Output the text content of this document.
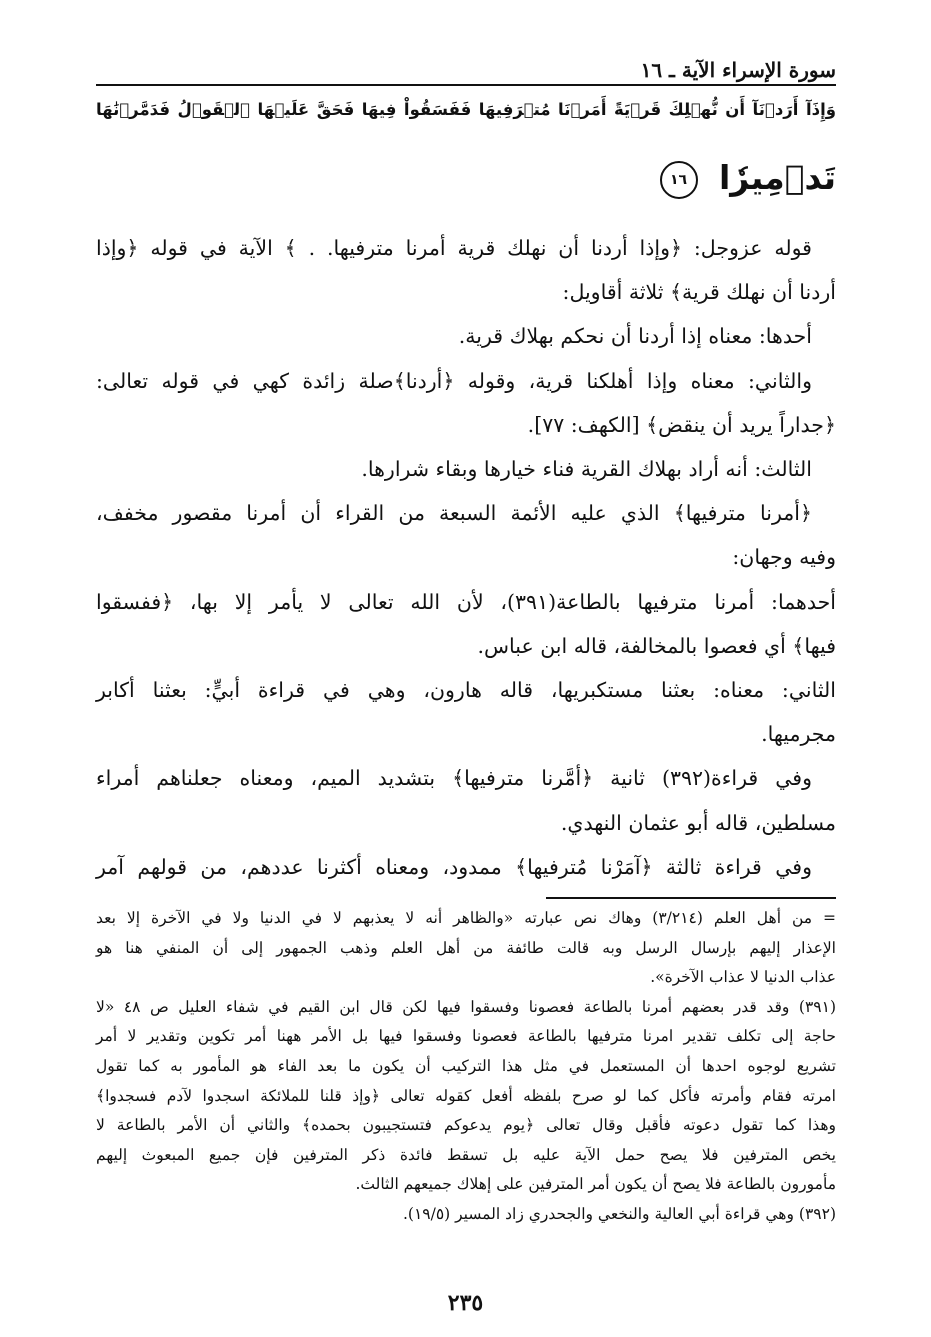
سورة الإسراء الآية ـ ١٦
وَإِذَآ أَرَدۡنَآ أَن نُّهۡلِكَ قَرۡيَةً أَمَرۡنَا مُتۡرَفِيهَا فَفَسَقُواْ فِيهَا فَحَقَّ عَلَيۡهَا ٱلۡقَوۡلُ فَدَمَّرۡنَٰهَا
تَدۡمِيرٗا ١٦
قوله عزوجل: ﴿وإذا أردنا أن نهلك قرية أمرنا مترفيها. . ﴾ الآية في قوله ﴿وإذا
أردنا أن نهلك قرية﴾ ثلاثة أقاويل:
أحدها: معناه إذا أردنا أن نحكم بهلاك قرية.
والثاني: معناه وإذا أهلكنا قرية، وقوله ﴿أردنا﴾صلة زائدة كهي في قوله تعالى:
﴿جداراً يريد أن ينقض﴾ [الكهف: ٧٧].
الثالث: أنه أراد بهلاك القرية فناء خيارها وبقاء شرارها.
﴿أمرنا مترفيها﴾ الذي عليه الأئمة السبعة من القراء أن أمرنا مقصور مخفف،
وفيه وجهان:
أحدهما: أمرنا مترفيها بالطاعة(٣٩١)، لأن الله تعالى لا يأمر إلا بها، ﴿ففسقوا
فيها﴾ أي فعصوا بالمخالفة، قاله ابن عباس.
الثاني: معناه: بعثنا مستكبريها، قاله هارون، وهي في قراءة أبيٍّ: بعثنا أكابر
مجرميها.
وفي قراءة(٣٩٢) ثانية ﴿أمَّرنا مترفيها﴾ بتشديد الميم، ومعناه جعلناهم أمراء
مسلطين، قاله أبو عثمان النهدي.
وفي قراءة ثالثة ﴿آمَرْنا مُترفيها﴾ ممدود، ومعناه أكثرنا عددهم، من قولهم آمر
= من أهل العلم (٣/٢١٤) وهاك نص عبارته «والظاهر أنه لا يعذبهم لا في الدنيا ولا في الآخرة إلا بعد
الإعذار إليهم بإرسال الرسل وبه قالت طائفة من أهل العلم وذهب الجمهور إلى أن المنفي هنا هو
عذاب الدنيا لا عذاب الآخرة».
(٣٩١) وقد قدر بعضهم أمرنا بالطاعة فعصونا وفسقوا فيها لكن قال ابن القيم في شفاء العليل ص ٤٨ «لا
حاجة إلى تكلف تقدير امرنا مترفيها بالطاعة فعصونا وفسقوا فيها بل الأمر ههنا أمر تكوين وتقدير لا أمر
تشريع لوجوه احدها أن المستعمل في مثل هذا التركيب أن يكون ما بعد الفاء هو المأمور به كما تقول
امرته فقام وأمرته فأكل كما لو صرح بلفظه أفعل كقوله تعالى ﴿وإذ قلنا للملائكة اسجدوا لآدم فسجدوا﴾
وهذا كما تقول دعوته فأقبل وقال تعالى ﴿يوم يدعوكم فتستجيبون بحمده﴾ والثاني أن الأمر بالطاعة لا
يخص المترفين فلا يصح حمل الآية عليه بل تسقط فائدة ذكر المترفين فإن جميع المبعوث إليهم
مأمورون بالطاعة فلا يصح أن يكون أمر المترفين على إهلاك جميعهم الثالث.
(٣٩٢) وهي قراءة أبي العالية والنخعي والجحدري زاد المسير (١٩/٥).
٢٣٥
